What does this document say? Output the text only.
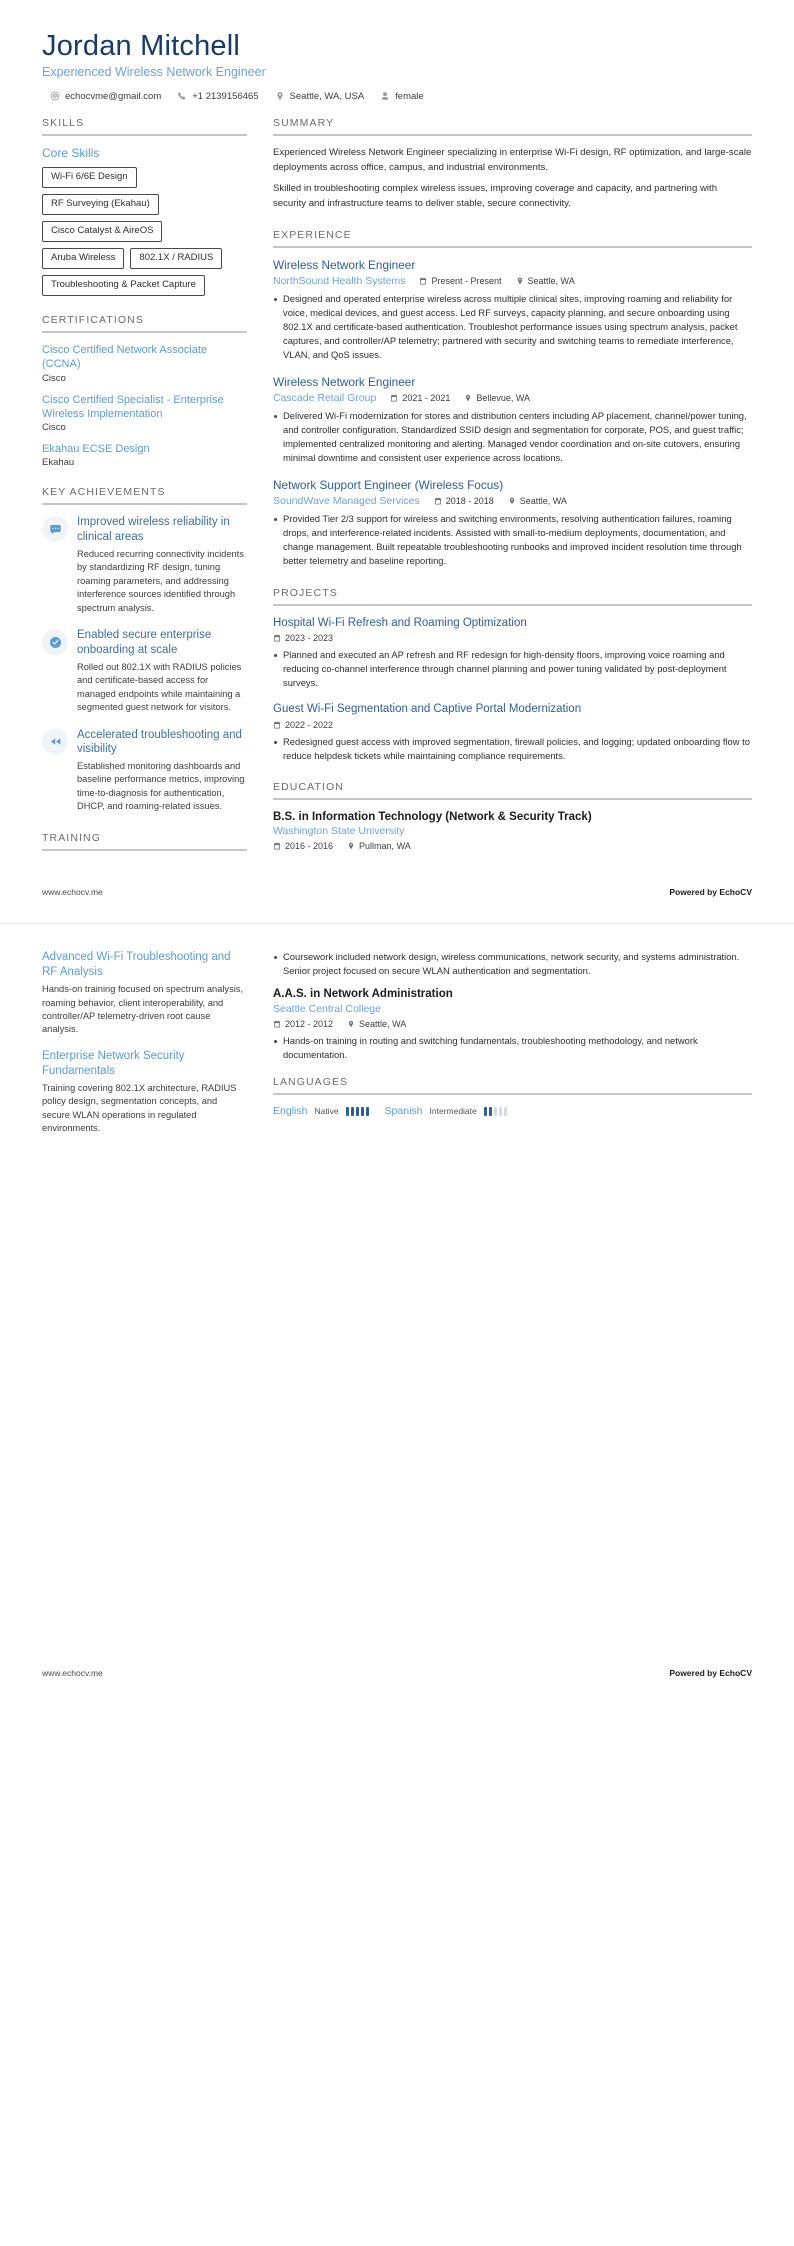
Jordan Mitchell
Experienced Wireless Network Engineer
echocvme@gmail.com	+1 2139156465	Seattle, WA, USA	female
SKILLS
Core Skills
Wi-Fi 6/6E Design
RF Surveying (Ekahau)
Cisco Catalyst & AireOS
Aruba Wireless	802.1X / RADIUS
Troubleshooting & Packet Capture
CERTIFICATIONS
Cisco Certified Network Associate (CCNA)
Cisco
Cisco Certified Specialist - Enterprise Wireless Implementation
Cisco
Ekahau ECSE Design
Ekahau
KEY ACHIEVEMENTS
Improved wireless reliability in clinical areas
Reduced recurring connectivity incidents by standardizing RF design, tuning roaming parameters, and addressing interference sources identified through spectrum analysis.
Enabled secure enterprise onboarding at scale
Rolled out 802.1X with RADIUS policies and certificate-based access for managed endpoints while maintaining a segmented guest network for visitors.
Accelerated troubleshooting and visibility
Established monitoring dashboards and baseline performance metrics, improving time-to-diagnosis for authentication, DHCP, and roaming-related issues.
TRAINING
SUMMARY

Experienced Wireless Network Engineer specializing in enterprise Wi-Fi design, RF optimization, and large-scale deployments across office, campus, and industrial environments.

Skilled in troubleshooting complex wireless issues, improving coverage and capacity, and partnering with security and infrastructure teams to deliver stable, secure connectivity.

EXPERIENCE
Wireless Network Engineer
NorthSound Health Systems	Present - Present	Seattle, WA
Designed and operated enterprise wireless across multiple clinical sites, improving roaming and reliability for voice, medical devices, and guest access. Led RF surveys, capacity planning, and secure onboarding using 802.1X and certificate-based authentication. Troubleshot performance issues using spectrum analysis, packet captures, and controller/AP telemetry; partnered with security and switching teams to remediate interference, VLAN, and QoS issues.
Wireless Network Engineer
Cascade Retail Group	2021 - 2021	Bellevue, WA
Delivered Wi-Fi modernization for stores and distribution centers including AP placement, channel/power tuning, and controller configuration. Standardized SSID design and segmentation for corporate, POS, and guest traffic; implemented centralized monitoring and alerting. Managed vendor coordination and on-site cutovers, ensuring minimal downtime and consistent user experience across locations.
Network Support Engineer (Wireless Focus)
SoundWave Managed Services	2018 - 2018	Seattle, WA
Provided Tier 2/3 support for wireless and switching environments, resolving authentication failures, roaming drops, and interference-related incidents. Assisted with small-to-medium deployments, documentation, and change management. Built repeatable troubleshooting runbooks and improved incident resolution time through better telemetry and baseline reporting.
PROJECTS
Hospital Wi-Fi Refresh and Roaming Optimization
2023 - 2023
Planned and executed an AP refresh and RF redesign for high-density floors, improving voice roaming and reducing co-channel interference through channel planning and power tuning validated by post-deployment surveys.
Guest Wi-Fi Segmentation and Captive Portal Modernization
2022 - 2022
Redesigned guest access with improved segmentation, firewall policies, and logging; updated onboarding flow to reduce helpdesk tickets while maintaining compliance requirements.
EDUCATION
B.S. in Information Technology (Network & Security Track)
Washington State University
2016 - 2016	Pullman, WA
www.echocv.me	Powered by EchoCV
Advanced Wi-Fi Troubleshooting and RF Analysis
Hands-on training focused on spectrum analysis, roaming behavior, client interoperability, and controller/AP telemetry-driven root cause analysis.
Enterprise Network Security Fundamentals
Training covering 802.1X architecture, RADIUS policy design, segmentation concepts, and secure WLAN operations in regulated environments.
Coursework included network design, wireless communications, network security, and systems administration. Senior project focused on secure WLAN authentication and segmentation.
A.A.S. in Network Administration
Seattle Central College
2012 - 2012	Seattle, WA
Hands-on training in routing and switching fundamentals, troubleshooting methodology, and network documentation.
LANGUAGES
English Native	Spanish Intermediate
www.echocv.me	Powered by EchoCV
